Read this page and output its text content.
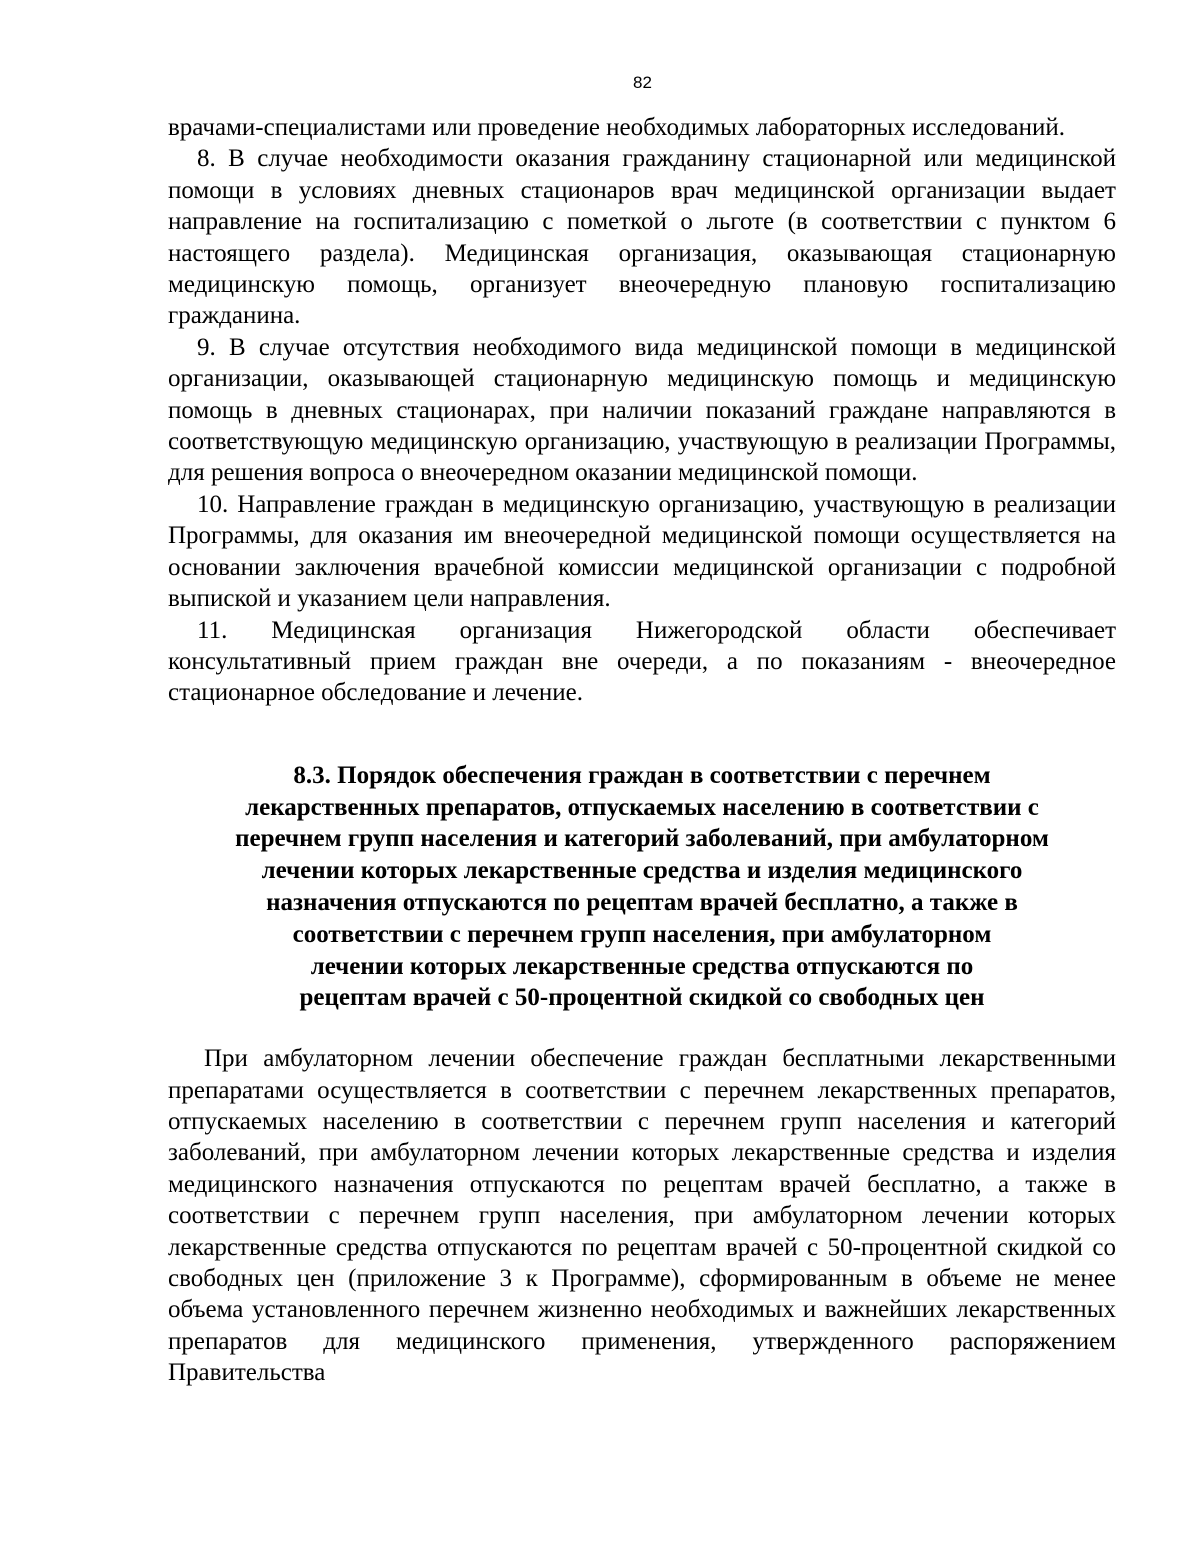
82

врачами-специалистами или проведение необходимых лабораторных исследований.

8. В случае необходимости оказания гражданину стационарной или медицинской помощи в условиях дневных стационаров врач медицинской организации выдает направление на госпитализацию с пометкой о льготе (в соответствии с пунктом 6 настоящего раздела). Медицинская организация, оказывающая стационарную медицинскую помощь, организует внеочередную плановую госпитализацию гражданина.

9. В случае отсутствия необходимого вида медицинской помощи в медицинской организации, оказывающей стационарную медицинскую помощь и медицинскую помощь в дневных стационарах, при наличии показаний граждане направляются в соответствующую медицинскую организацию, участвующую в реализации Программы, для решения вопроса о внеочередном оказании медицинской помощи.

10. Направление граждан в медицинскую организацию, участвующую в реализации Программы, для оказания им внеочередной медицинской помощи осуществляется на основании заключения врачебной комиссии медицинской организации с подробной выпиской и указанием цели направления.

11. Медицинская организация Нижегородской области обеспечивает консультативный прием граждан вне очереди, а по показаниям - внеочередное стационарное обследование и лечение.

8.3. Порядок обеспечения граждан в соответствии с перечнем
лекарственных препаратов, отпускаемых населению в соответствии с
перечнем групп населения и категорий заболеваний, при амбулаторном
лечении которых лекарственные средства и изделия медицинского
назначения отпускаются по рецептам врачей бесплатно, а также в
соответствии с перечнем групп населения, при амбулаторном
лечении которых лекарственные средства отпускаются по
рецептам врачей с 50-процентной скидкой со свободных цен

При амбулаторном лечении обеспечение граждан бесплатными лекарственными препаратами осуществляется в соответствии с перечнем лекарственных препаратов, отпускаемых населению в соответствии с перечнем групп населения и категорий заболеваний, при амбулаторном лечении которых лекарственные средства и изделия медицинского назначения отпускаются по рецептам врачей бесплатно, а также в соответствии с перечнем групп населения, при амбулаторном лечении которых лекарственные средства отпускаются по рецептам врачей с 50-процентной скидкой со свободных цен (приложение 3 к Программе), сформированным в объеме не менее объема установленного перечнем жизненно необходимых и важнейших лекарственных препаратов для медицинского применения, утвержденного распоряжением Правительства
